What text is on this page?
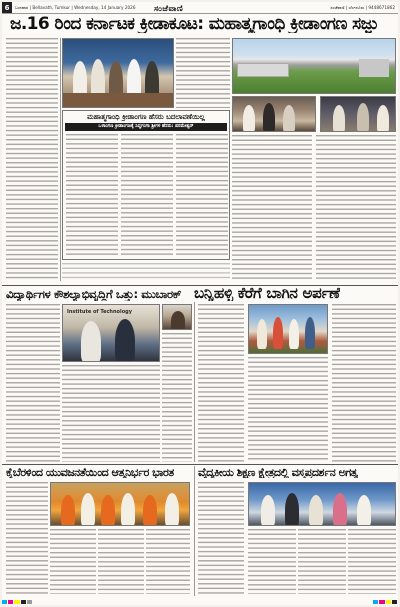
6	ಬುಧವಾರ | Bellavath, Tumkur | Wednesday, 14 January 2026 ಸಂಜೆವಾಣಿ	ಸಂಜೆವಾಣಿ | ಬೆಂಗಳೂರು | 9448671862
ಜ.16 ರಿಂದ ಕರ್ನಾಟಕ ಕ್ರೀಡಾಕೂಟ: ಮಹಾತ್ಮಗಾಂಧಿ ಕ್ರೀಡಾಂಗಣ ಸಜ್ಜು
ಮಹಾತ್ಮಗಾಂಧಿ ಕ್ರೀಡಾಂಗಣ ಹೆಸರು ಬದಲಾವಣೆಯಿಲ್ಲ
ಒಳಾಂಗಣ ಕ್ರೀಡಾಂಗಣಕ್ಕೆ ಸಿದ್ದಗಂಗಾ ಶ್ರೀಗಳ ಹೆಸರು: ಪರಮೇಶ್ವರ್
ವಿದ್ಯಾರ್ಥಿಗಳ ಕೌಶಲ್ಯಾಭಿವೃದ್ಧಿಗೆ ಒತ್ತು: ಮುಬಾರಕ್
Institute of Technology
ಬನ್ನಿಹಳ್ಳಿ ಕೆರೆಗೆ ಬಾಗಿನ ಅರ್ಪಣೆ
ಕೈಬೆರಳಿಂದ ಯುವಜನತೆಯಿಂದ ಆತ್ಮನಿರ್ಭರ ಭಾರತ ವೈದ್ಯಕೀಯ ಶಿಕ್ಷಣ ಕ್ಷೇತ್ರದಲ್ಲಿ ವಸ್ತ್ರಪ್ರದರ್ಶನ ಅಗತ್ಯ
